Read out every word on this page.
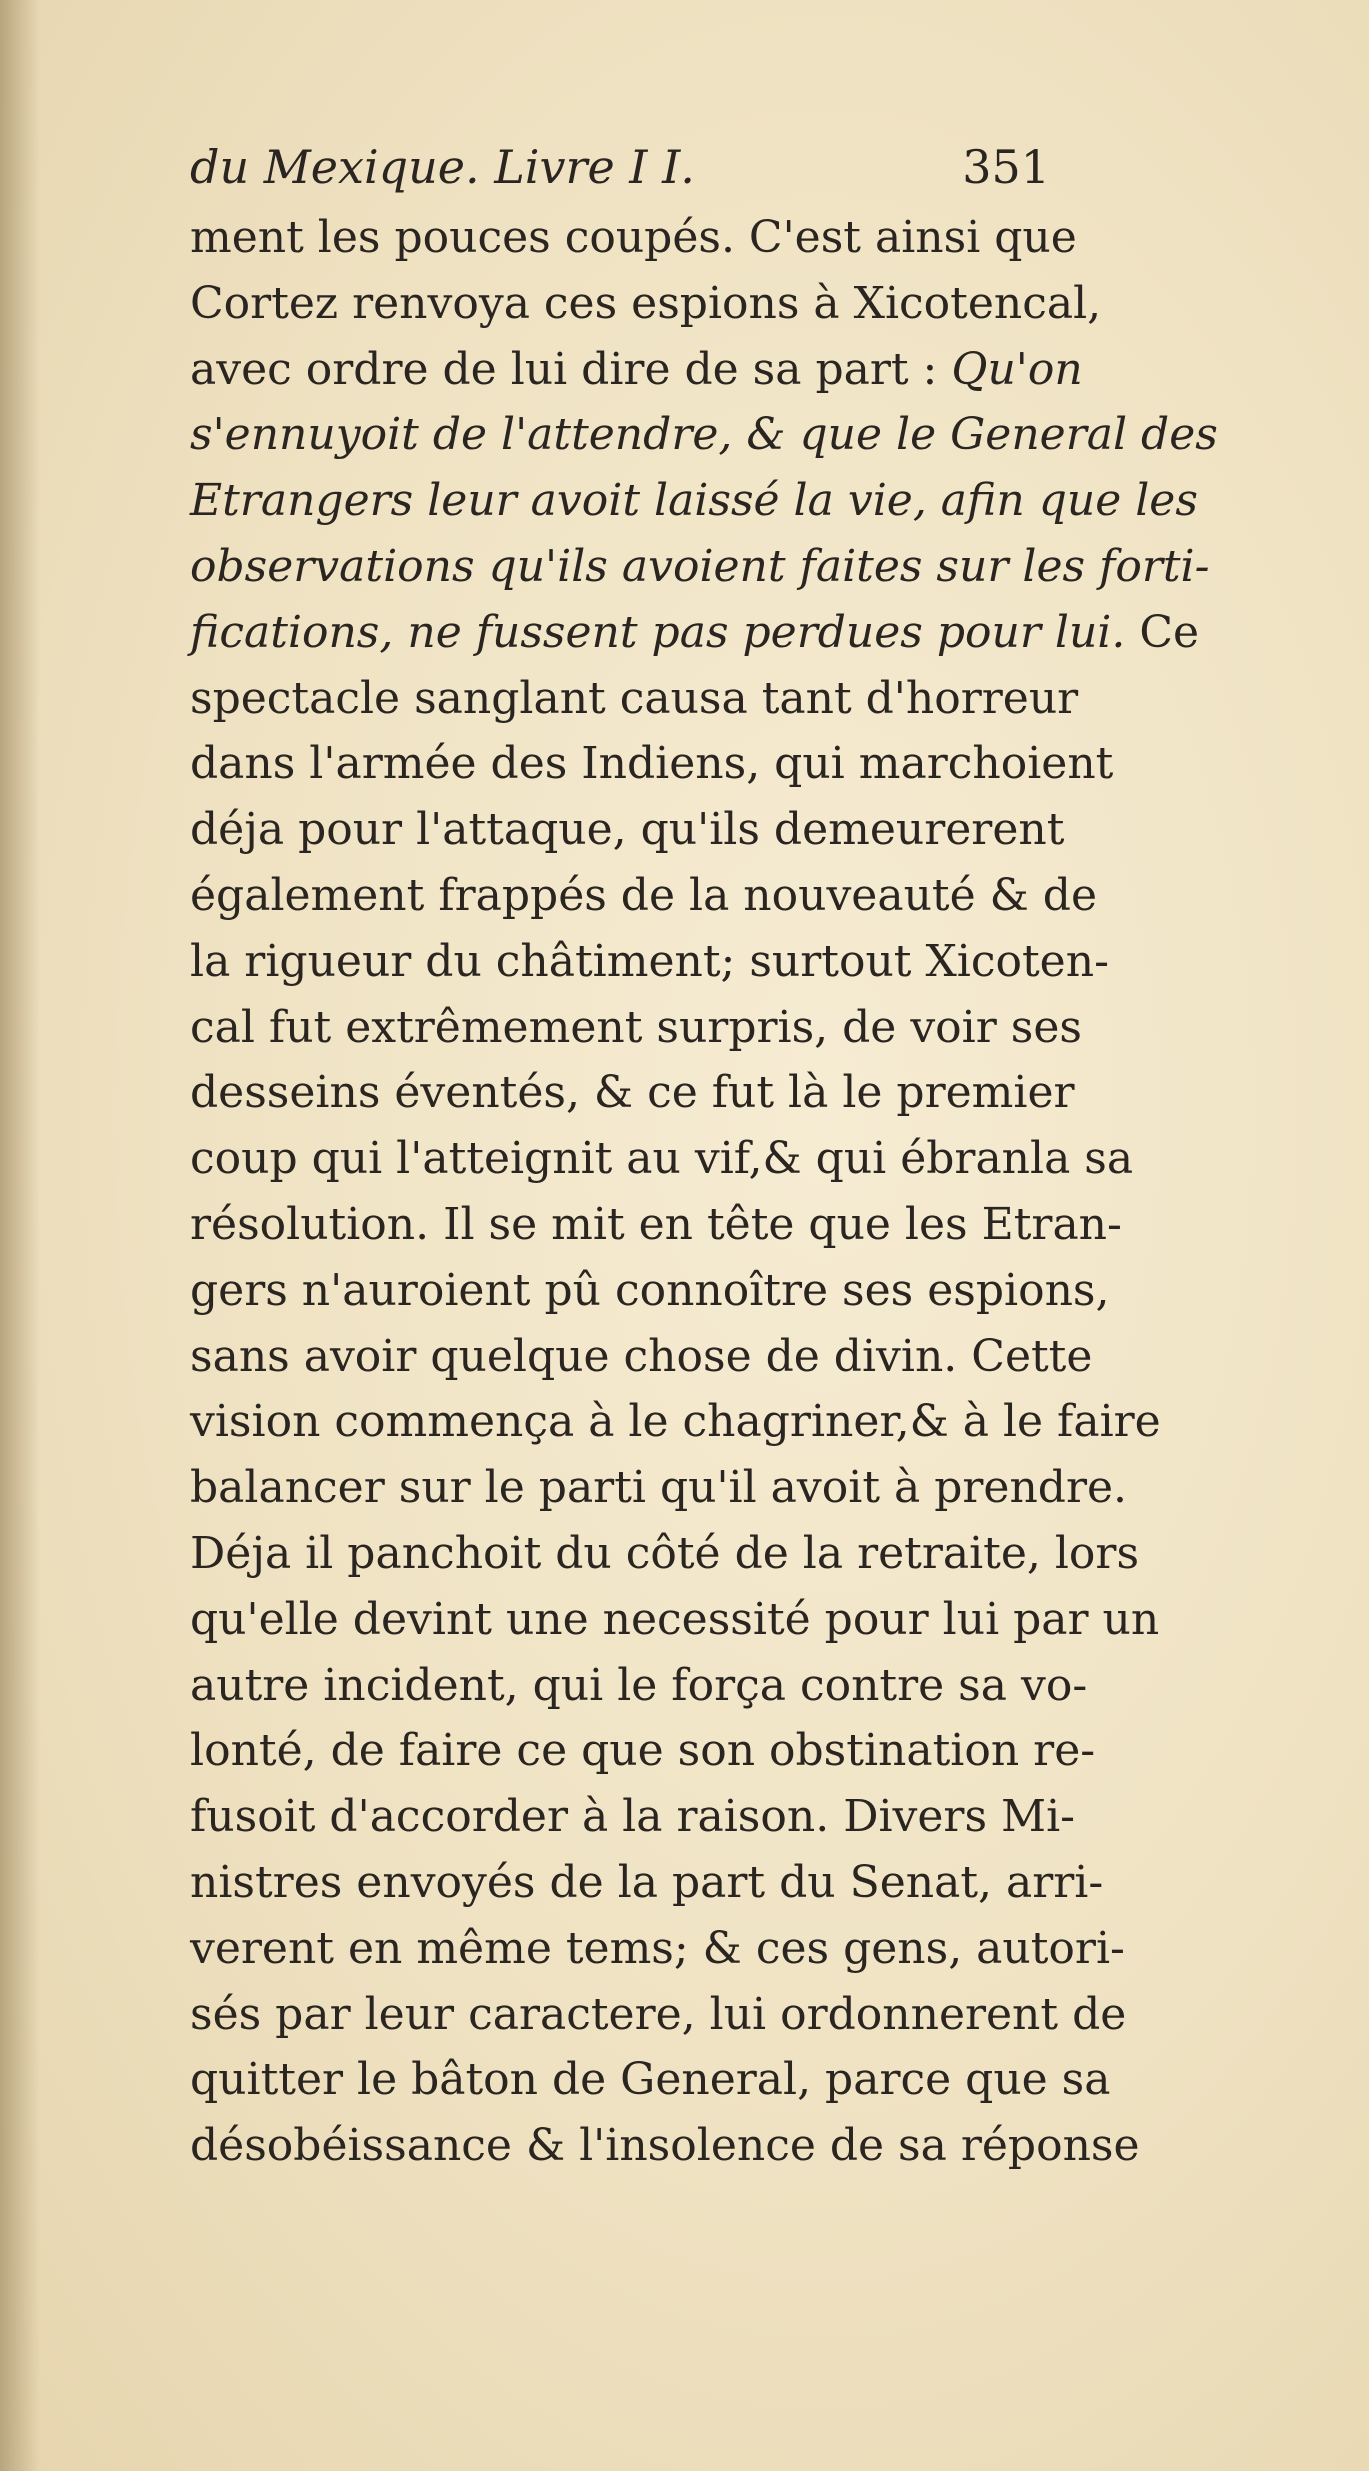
du Mexique. Livre I I.	351
ment les pouces coupés. C'est ainsi que
Cortez renvoya ces espions à Xicotencal,
avec ordre de lui dire de sa part : Qu'on
s'ennuyoit de l'attendre, & que le General des
Etrangers leur avoit laissé la vie, afin que les
observations qu'ils avoient faites sur les forti-
fications, ne fussent pas perdues pour lui. Ce
spectacle sanglant causa tant d'horreur
dans l'armée des Indiens, qui marchoient
déja pour l'attaque, qu'ils demeurerent
également frappés de la nouveauté & de
la rigueur du châtiment; surtout Xicoten-
cal fut extrêmement surpris, de voir ses
desseins éventés, & ce fut là le premier
coup qui l'atteignit au vif,& qui ébranla sa
résolution. Il se mit en tête que les Etran-
gers n'auroient pû connoître ses espions,
sans avoir quelque chose de divin. Cette
vision commença à le chagriner,& à le faire
balancer sur le parti qu'il avoit à prendre.
Déja il panchoit du côté de la retraite, lors
qu'elle devint une necessité pour lui par un
autre incident, qui le força contre sa vo-
lonté, de faire ce que son obstination re-
fusoit d'accorder à la raison. Divers Mi-
nistres envoyés de la part du Senat, arri-
verent en même tems; & ces gens, autori-
sés par leur caractere, lui ordonnerent de
quitter le bâton de General, parce que sa
désobéissance & l'insolence de sa réponse
